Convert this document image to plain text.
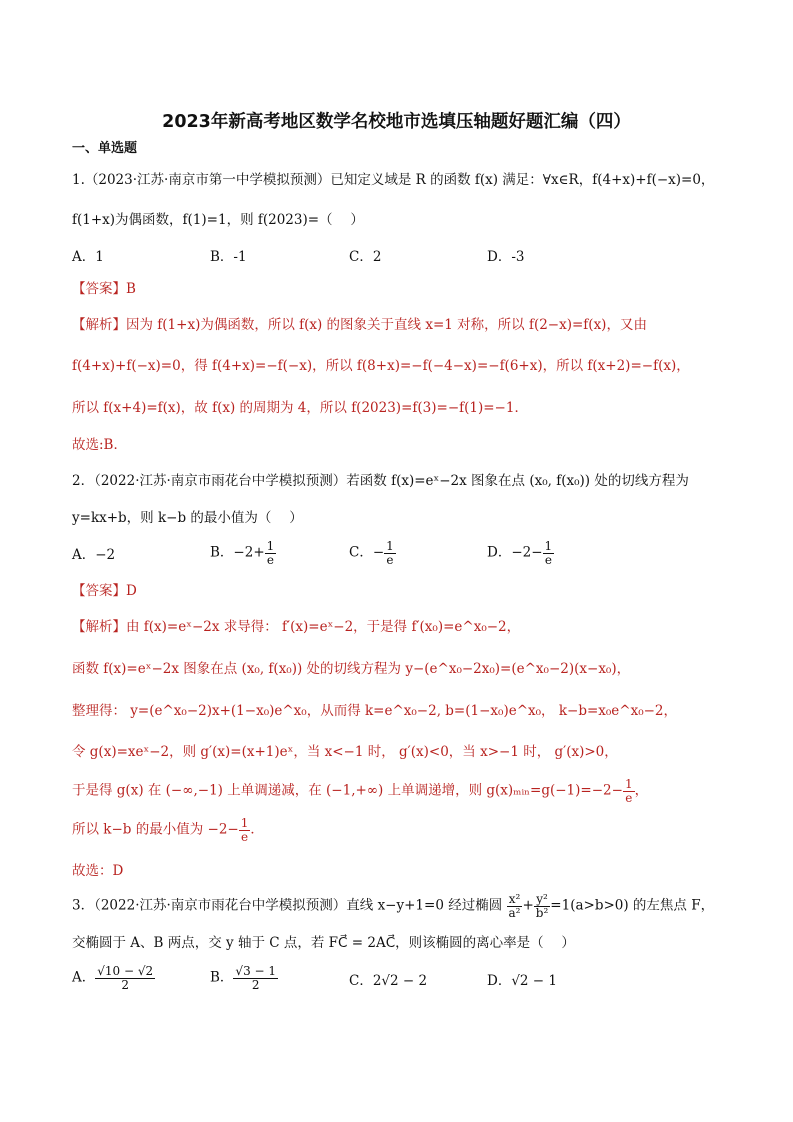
2023年新高考地区数学名校地市选填压轴题好题汇编（四）
一、单选题
1.（2023·江苏·南京市第一中学模拟预测）已知定义域是 R 的函数 f(x) 满足：∀x∈R，f(4+x)+f(−x)=0，
f(1+x)为偶函数，f(1)=1，则 f(2023)=（　 ）
A．1	B．-1	C．2	D．-3
【答案】B
【解析】因为 f(1+x)为偶函数，所以 f(x) 的图象关于直线 x=1 对称，所以 f(2−x)=f(x)，又由
f(4+x)+f(−x)=0，得 f(4+x)=−f(−x)，所以 f(8+x)=−f(−4−x)=−f(6+x)，所以 f(x+2)=−f(x)，
所以 f(x+4)=f(x)，故 f(x) 的周期为 4，所以 f(2023)=f(3)=−f(1)=−1．
故选:B．
2．（2022·江苏·南京市雨花台中学模拟预测）若函数 f(x)=eˣ−2x 图象在点 (x₀, f(x₀)) 处的切线方程为
y=kx+b，则 k−b 的最小值为（　 ）
A．−2	B．$-2+ \frac{1}{e}$	C．− $\frac{1}{e}$	D．$-2- \frac{1}{e}$
【答案】D
【解析】由 f(x)=eˣ−2x 求导得： f′(x)=eˣ−2，于是得 f′(x₀)=e^x₀−2，
函数 f(x)=eˣ−2x 图象在点 (x₀, f(x₀)) 处的切线方程为 y−(e^x₀−2x₀)=(e^x₀−2)(x−x₀)，
整理得： y=(e^x₀−2)x+(1−x₀)e^x₀，从而得 k=e^x₀−2, b=(1−x₀)e^x₀， k−b=x₀e^x₀−2，
令 g(x)=xeˣ−2，则 g′(x)=(x+1)eˣ，当 x<−1 时， g′(x)<0，当 x>−1 时， g′(x)>0，
于是得 g(x) 在 (−∞,−1) 上单调递减，在 (−1,+∞) 上单调递增，则 g(x)ₘᵢₙ=g(−1)=−2− $\frac{1}{e}$ ，
所以 k−b 的最小值为 $-2- \frac{1}{e}$ ．
故选：D
3．（2022·江苏·南京市雨花台中学模拟预测）直线 x−y+1=0 经过椭圆 $\frac{\text{x²}}{\text{a²}} + \frac{\text{y²}}{\text{b²}} =1(a>b>0)$ 的左焦点 F，
交椭圆于 A、B 两点，交 y 轴于 C 点，若 FC⃗ = 2AC⃗，则该椭圆的离心率是（　 ）
A． $\frac{√10 - √2}{2}$	B． $\frac{√3 - 1}{2}$	C．2√2 − 2	D．√2 − 1
